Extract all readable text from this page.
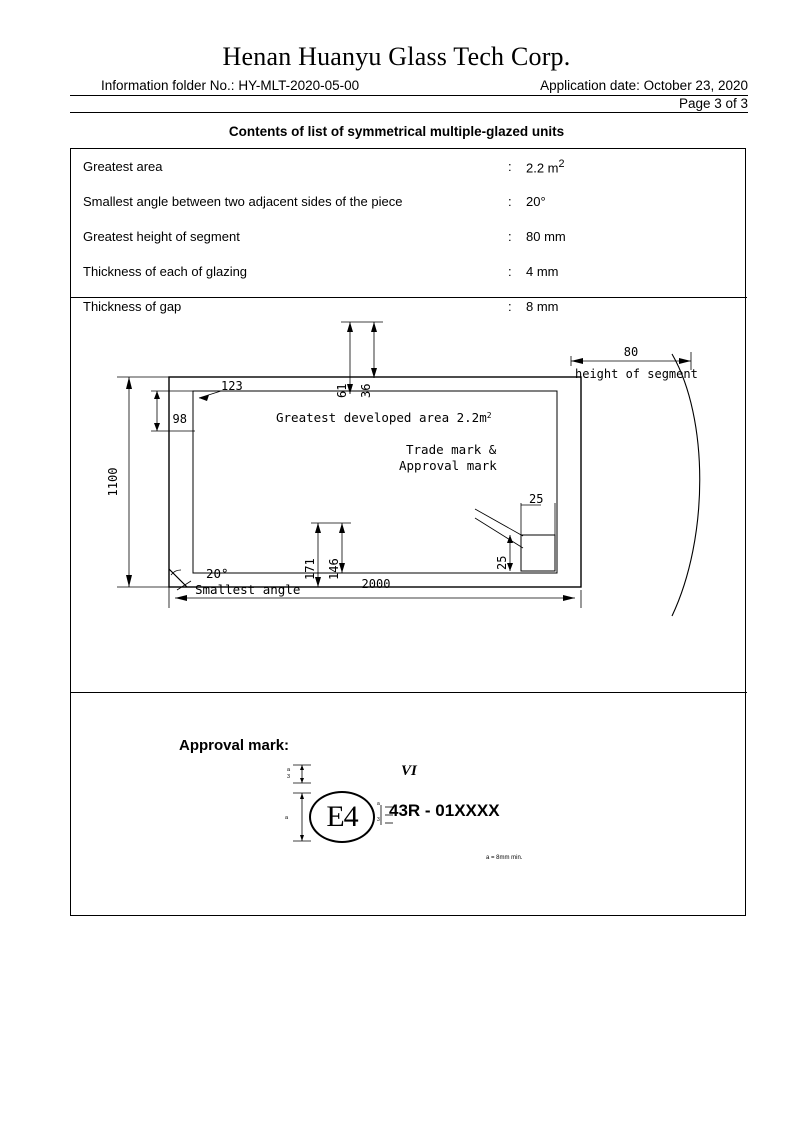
Henan Huanyu Glass Tech Corp.
Information folder No.: HY-MLT-2020-05-00	Application date: October 23, 2020
Page 3 of 3
Contents of list of symmetrical multiple-glazed units
Greatest area	:	2.2 $m^2$
Smallest angle between two adjacent sides of the piece	:	20°
Greatest height of segment	:	80 mm
Thickness of each of glazing	:	4 mm
Thickness of gap	:	8 mm
80
height of segment
61 36
123
98
1100
2000
171 146
25
25
Greatest developed area $2.2m^2$
Trade mark &
Approval mark
20°
Smallest angle
Approval mark:
a
3
a
a
3
VI
E4	43R - 01XXXX
a = 8mm min.
